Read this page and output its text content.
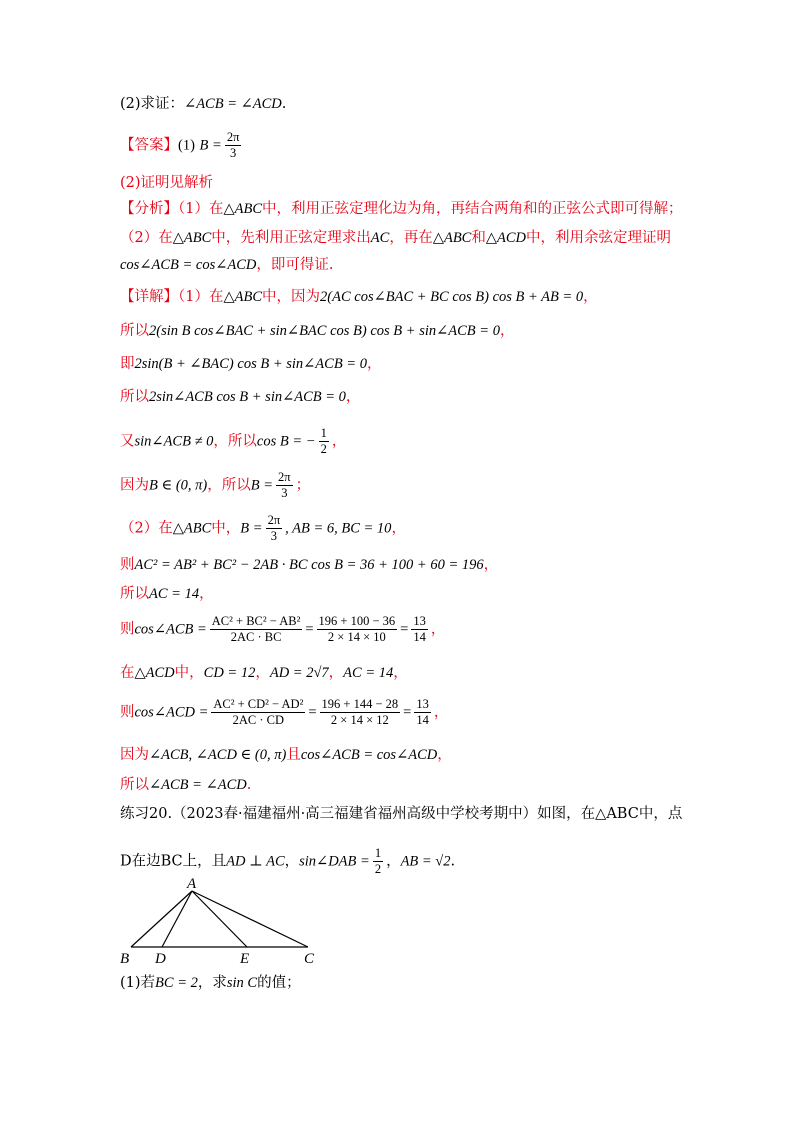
(2)求证：∠ACB = ∠ACD.
【答案】(1) $B = \frac{2\pi}{3}$
(2)证明见解析
【分析】（1）在△ABC中，利用正弦定理化边为角，再结合两角和的正弦公式即可得解；
（2）在△ABC中，先利用正弦定理求出AC，再在△ABC和△ACD中，利用余弦定理证明
cos∠ACB = cos∠ACD，即可得证.
【详解】（1）在△ABC中，因为2(AC cos∠BAC + BC cos B) cos B + AB = 0，
所以2(sin B cos∠BAC + sin∠BAC cos B) cos B + sin∠ACB = 0，
即2sin(B + ∠BAC) cos B + sin∠ACB = 0，
所以2sin∠ACB cos B + sin∠ACB = 0，
又sin∠ACB ≠ 0，所以cos B = − $\frac{1}{2}$ ，
因为B ∈ (0, π)，所以$B = \frac{2\pi}{3}$ ；
（2）在△ABC中，$B = \frac{2\pi}{3}$ , AB = 6, BC = 10，
则AC² = AB² + BC² − 2AB · BC cos B = 36 + 100 + 60 = 196，
所以AC = 14，
则cos∠ACB = $\frac{\text{AC² + BC² − AB²}}{2AC \cdot BC} = \frac{196 + 100 - 36}{2 \times 14 \times 10} = \frac{13}{14}$ ，
在△ACD中，CD = 12，AD = 2√7，AC = 14，
则cos∠ACD = $\frac{\text{AC² + CD² − AD²}}{2AC \cdot CD} = \frac{196 + 144 - 28}{2 \times 14 \times 12} = \frac{13}{14}$ ，
因为∠ACB, ∠ACD ∈ (0, π)且cos∠ACB = cos∠ACD，
所以∠ACB = ∠ACD.
练习20.（2023春·福建福州·高三福建省福州高级中学校考期中）如图，在△ABC中，点
D在边BC上，且AD ⊥ AC，sin∠DAB = $\frac{1}{2}$ ，AB = √2.
A
B D	E	C
(1)若BC = 2，求sin C的值；
